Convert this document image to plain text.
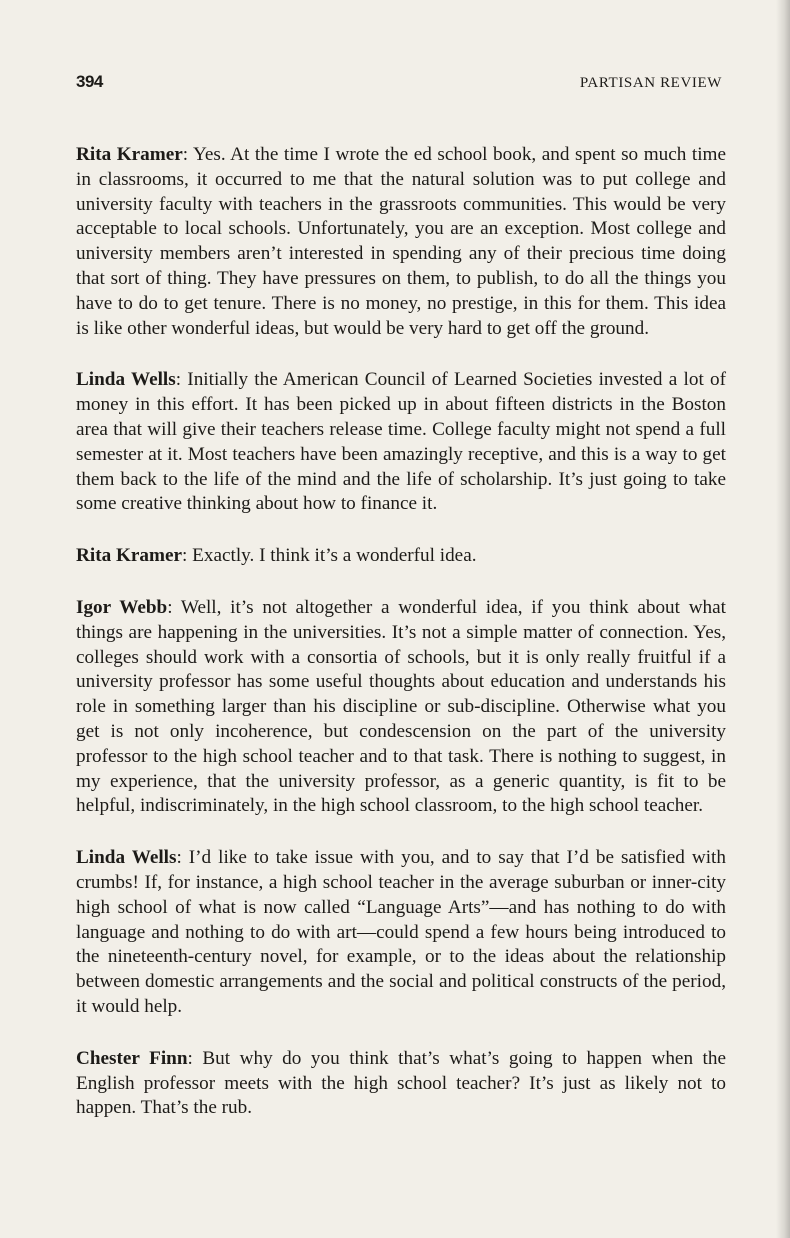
394	PARTISAN REVIEW

Rita Kramer: Yes. At the time I wrote the ed school book, and spent so much time in classrooms, it occurred to me that the natural solution was to put college and university faculty with teachers in the grassroots communities. This would be very acceptable to local schools. Unfortunately, you are an exception. Most college and university members aren’t interested in spending any of their precious time doing that sort of thing. They have pressures on them, to publish, to do all the things you have to do to get tenure. There is no money, no prestige, in this for them. This idea is like other wonderful ideas, but would be very hard to get off the ground.

Linda Wells: Initially the American Council of Learned Societies invested a lot of money in this effort. It has been picked up in about fifteen districts in the Boston area that will give their teachers release time. College faculty might not spend a full semester at it. Most teachers have been amazingly receptive, and this is a way to get them back to the life of the mind and the life of scholarship. It’s just going to take some creative thinking about how to finance it.

Rita Kramer: Exactly. I think it’s a wonderful idea.

Igor Webb: Well, it’s not altogether a wonderful idea, if you think about what things are happening in the universities. It’s not a simple matter of connection. Yes, colleges should work with a consortia of schools, but it is only really fruitful if a university professor has some useful thoughts about education and understands his role in something larger than his discipline or sub-discipline. Otherwise what you get is not only incoherence, but condescension on the part of the university professor to the high school teacher and to that task. There is nothing to suggest, in my experience, that the university professor, as a generic quantity, is fit to be helpful, indiscriminately, in the high school classroom, to the high school teacher.

Linda Wells: I’d like to take issue with you, and to say that I’d be satisfied with crumbs! If, for instance, a high school teacher in the average suburban or inner-city high school of what is now called “Language Arts”—and has nothing to do with language and nothing to do with art—could spend a few hours being introduced to the nineteenth-century novel, for example, or to the ideas about the relationship between domestic arrangements and the social and political constructs of the period, it would help.

Chester Finn: But why do you think that’s what’s going to happen when the English professor meets with the high school teacher? It’s just as likely not to happen. That’s the rub.
